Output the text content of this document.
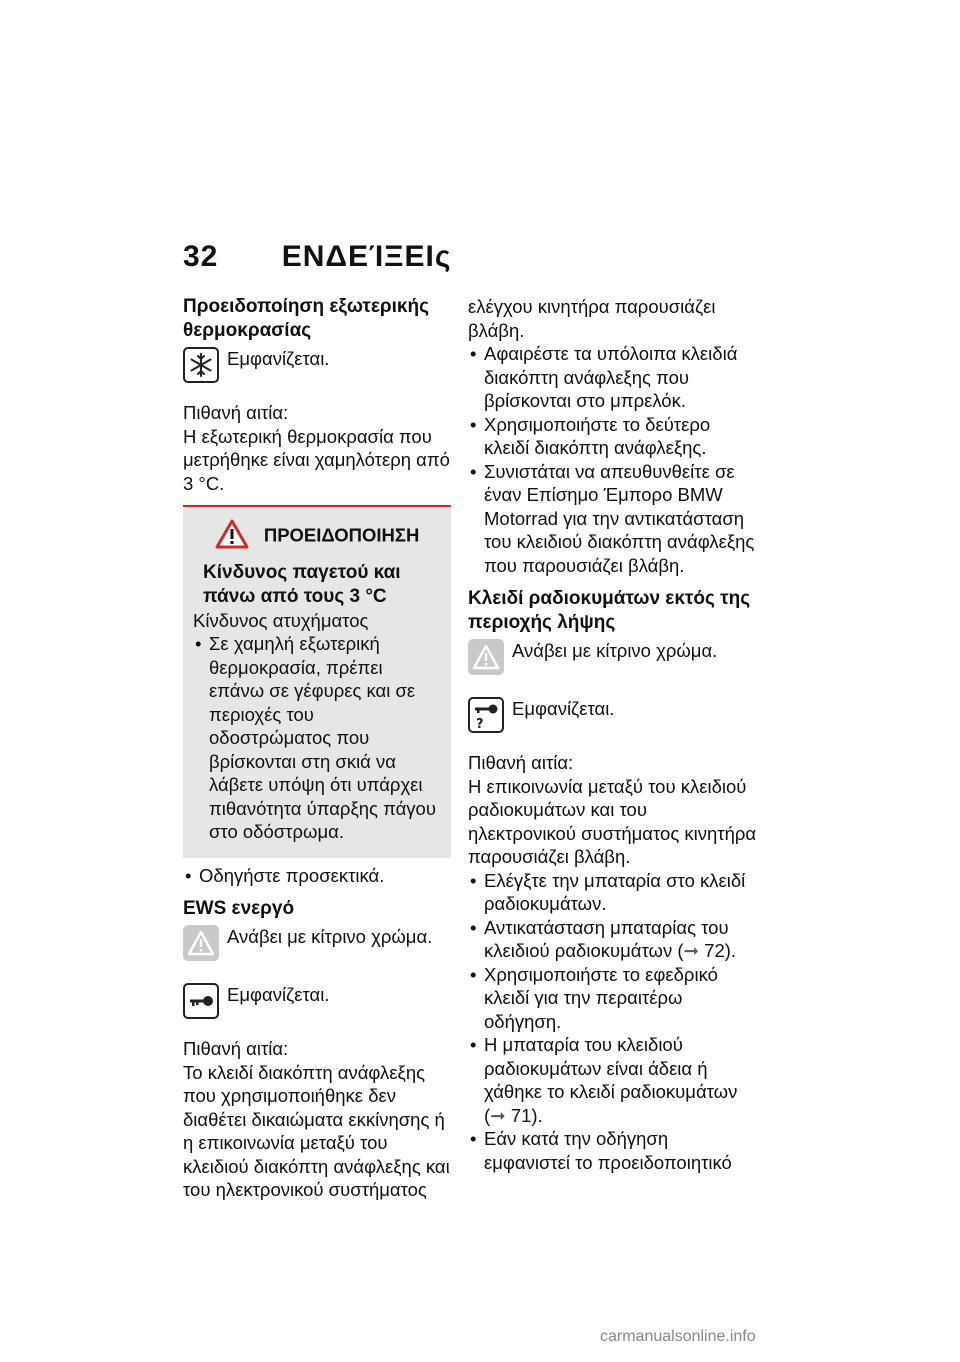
32 ΕΝΔΕΊΞΕΙς

Προειδοποίηση εξωτερικής θερμοκρασίας

Εμφανίζεται.

Πιθανή αιτία:

Η εξωτερική θερμοκρασία που μετρήθηκε είναι χαμηλότερη από 3 °C.

ΠΡΟΕΙΔΟΠΟΙΗΣΗ

Κίνδυνος παγετού και πάνω από τους 3 °C

Κίνδυνος ατυχήματος

• Σε χαμηλή εξωτερική θερμοκρασία, πρέπει επάνω σε γέφυρες και σε περιοχές του οδοστρώματος που βρίσκονται στη σκιά να λάβετε υπόψη ότι υπάρχει πιθανότητα ύπαρξης πάγου στο οδόστρωμα.
• Οδηγήστε προσεκτικά.

EWS ενεργό

Ανάβει με κίτρινο χρώμα.

Εμφανίζεται.

Πιθανή αιτία:

Το κλειδί διακόπτη ανάφλεξης που χρησιμοποιήθηκε δεν διαθέτει δικαιώματα εκκίνησης ή η επικοινωνία μεταξύ του κλειδιού διακόπτη ανάφλεξης και του ηλεκτρονικού συστήματος

ελέγχου κινητήρα παρουσιάζει βλάβη.

• Αφαιρέστε τα υπόλοιπα κλειδιά διακόπτη ανάφλεξης που βρίσκονται στο μπρελόκ.
• Χρησιμοποιήστε το δεύτερο κλειδί διακόπτη ανάφλεξης.
• Συνιστάται να απευθυνθείτε σε έναν Επίσημο Έμπορο BMW Motorrad για την αντικατάσταση του κλειδιού διακόπτη ανάφλεξης που παρουσιάζει βλάβη.

Κλειδί ραδιοκυμάτων εκτός της περιοχής λήψης

Ανάβει με κίτρινο χρώμα.

?

Εμφανίζεται.

Πιθανή αιτία:

Η επικοινωνία μεταξύ του κλειδιού ραδιοκυμάτων και του ηλεκτρονικού συστήματος κινητήρα παρουσιάζει βλάβη.

• Ελέγξτε την μπαταρία στο κλειδί ραδιοκυμάτων.
• Αντικατάσταση μπαταρίας του κλειδιού ραδιοκυμάτων (➞ 72).
• Χρησιμοποιήστε το εφεδρικό κλειδί για την περαιτέρω οδήγηση.
• Η μπαταρία του κλειδιού ραδιοκυμάτων είναι άδεια ή χάθηκε το κλειδί ραδιοκυμάτων (➞ 71).
• Εάν κατά την οδήγηση εμφανιστεί το προειδοποιητικό
carmanualsonline.info
